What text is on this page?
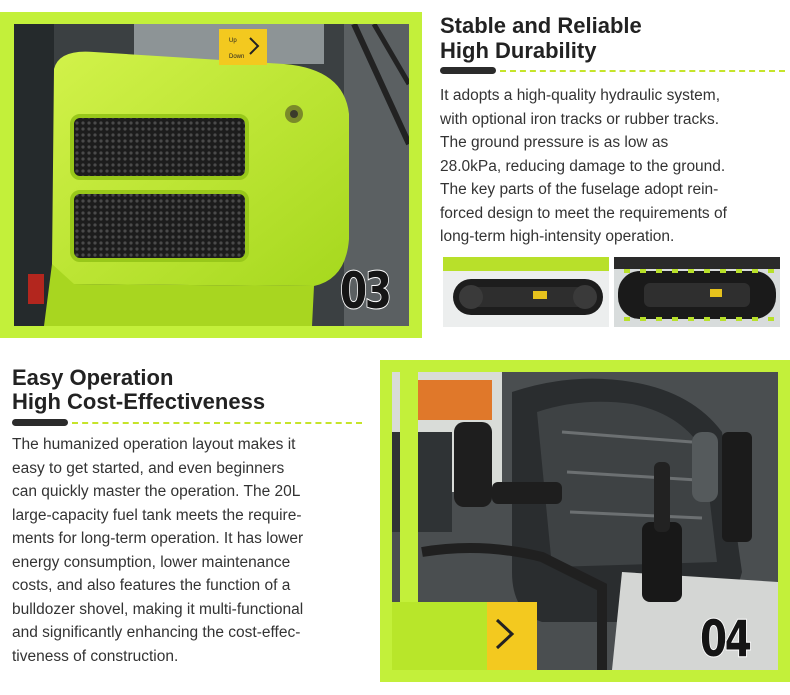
Up
Down
03
Stable and Reliable
High Durability
It adopts a high-quality hydraulic system,
with optional iron tracks or rubber tracks.
The ground pressure is as low as
28.0kPa, reducing damage to the ground.
The key parts of the fuselage adopt rein-
forced design to meet the requirements of
long-term high-intensity operation.
Easy Operation
High Cost-Effectiveness
The humanized operation layout makes it
easy to get started, and even beginners
can quickly master the operation. The 20L
large-capacity fuel tank meets the require-
ments for long-term operation. It has lower
energy consumption, lower maintenance
costs, and also features the function of a
bulldozer shovel, making it multi-functional
and significantly enhancing the cost-effec-
tiveness of construction.	04
